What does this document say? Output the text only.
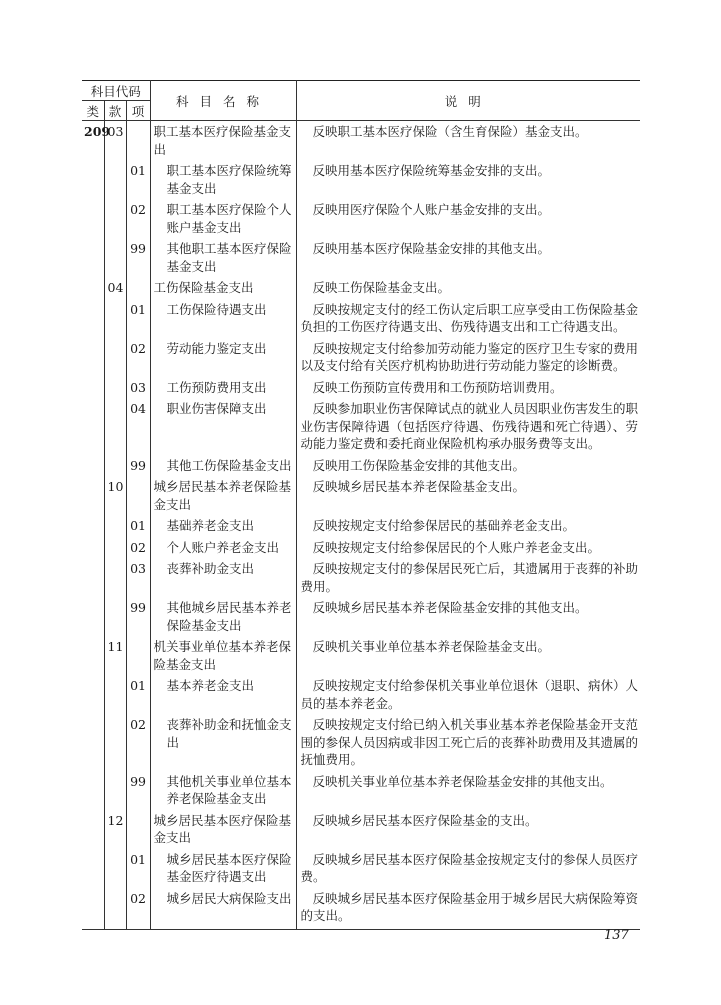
科目代码			科目名称	说明
类	款	项		
209	03		职工基本医疗保险基金支出	反映职工基本医疗保险（含生育保险）基金支出。
		01	职工基本医疗保险统筹基金支出	反映用基本医疗保险统筹基金安排的支出。
		02	职工基本医疗保险个人账户基金支出	反映用医疗保险个人账户基金安排的支出。
		99	其他职工基本医疗保险基金支出	反映用基本医疗保险基金安排的其他支出。
	04		工伤保险基金支出	反映工伤保险基金支出。
		01	工伤保险待遇支出	反映按规定支付的经工伤认定后职工应享受由工伤保险基金负担的工伤医疗待遇支出、伤残待遇支出和工亡待遇支出。
		02	劳动能力鉴定支出	反映按规定支付给参加劳动能力鉴定的医疗卫生专家的费用以及支付给有关医疗机构协助进行劳动能力鉴定的诊断费。
		03	工伤预防费用支出	反映工伤预防宣传费用和工伤预防培训费用。
		04	职业伤害保障支出	反映参加职业伤害保障试点的就业人员因职业伤害发生的职业伤害保障待遇（包括医疗待遇、伤残待遇和死亡待遇）、劳动能力鉴定费和委托商业保险机构承办服务费等支出。
		99	其他工伤保险基金支出	反映用工伤保险基金安排的其他支出。
	10		城乡居民基本养老保险基金支出	反映城乡居民基本养老保险基金支出。
		01	基础养老金支出	反映按规定支付给参保居民的基础养老金支出。
		02	个人账户养老金支出	反映按规定支付给参保居民的个人账户养老金支出。
		03	丧葬补助金支出	反映按规定支付的参保居民死亡后，其遗属用于丧葬的补助费用。
		99	其他城乡居民基本养老保险基金支出	反映城乡居民基本养老保险基金安排的其他支出。
	11		机关事业单位基本养老保险基金支出	反映机关事业单位基本养老保险基金支出。
		01	基本养老金支出	反映按规定支付给参保机关事业单位退休（退职、病休）人员的基本养老金。
		02	丧葬补助金和抚恤金支出	反映按规定支付给已纳入机关事业基本养老保险基金开支范围的参保人员因病或非因工死亡后的丧葬补助费用及其遗属的抚恤费用。
		99	其他机关事业单位基本养老保险基金支出	反映机关事业单位基本养老保险基金安排的其他支出。
	12		城乡居民基本医疗保险基金支出	反映城乡居民基本医疗保险基金的支出。
		01	城乡居民基本医疗保险基金医疗待遇支出	反映城乡居民基本医疗保险基金按规定支付的参保人员医疗费。
		02	城乡居民大病保险支出	反映城乡居民基本医疗保险基金用于城乡居民大病保险筹资的支出。
137
